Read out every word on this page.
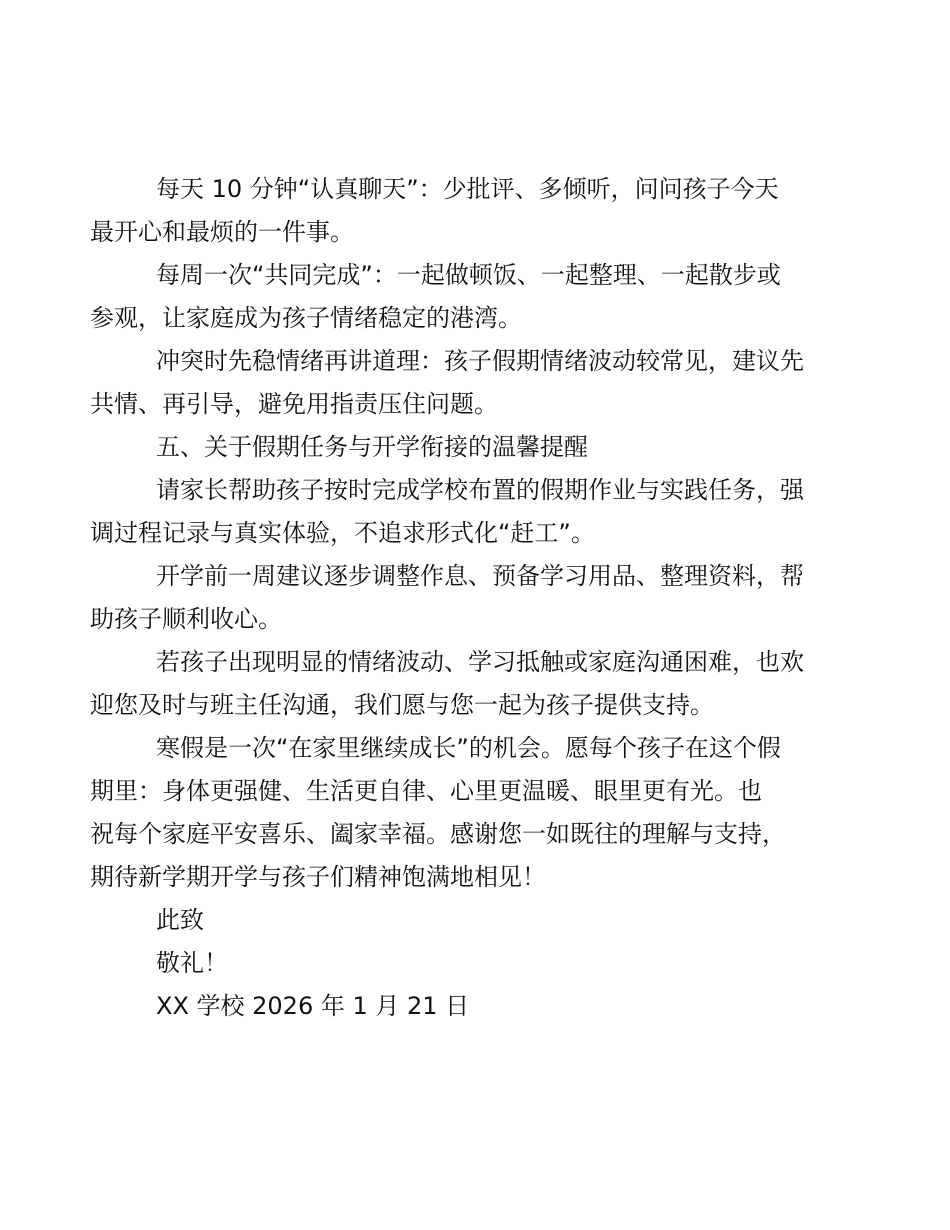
每天 10 分钟“认真聊天”：少批评、多倾听，问问孩子今天
最开心和最烦的一件事。

每周一次“共同完成”：一起做顿饭、一起整理、一起散步或
参观，让家庭成为孩子情绪稳定的港湾。

冲突时先稳情绪再讲道理：孩子假期情绪波动较常见，建议先
共情、再引导，避免用指责压住问题。

五、关于假期任务与开学衔接的温馨提醒

请家长帮助孩子按时完成学校布置的假期作业与实践任务，强
调过程记录与真实体验，不追求形式化“赶工”。

开学前一周建议逐步调整作息、预备学习用品、整理资料，帮
助孩子顺利收心。

若孩子出现明显的情绪波动、学习抵触或家庭沟通困难，也欢
迎您及时与班主任沟通，我们愿与您一起为孩子提供支持。

寒假是一次“在家里继续成长”的机会。愿每个孩子在这个假
期里：身体更强健、生活更自律、心里更温暖、眼里更有光。也
祝每个家庭平安喜乐、阖家幸福。感谢您一如既往的理解与支持，
期待新学期开学与孩子们精神饱满地相见！

此致

敬礼！

XX 学校 2026 年 1 月 21 日
